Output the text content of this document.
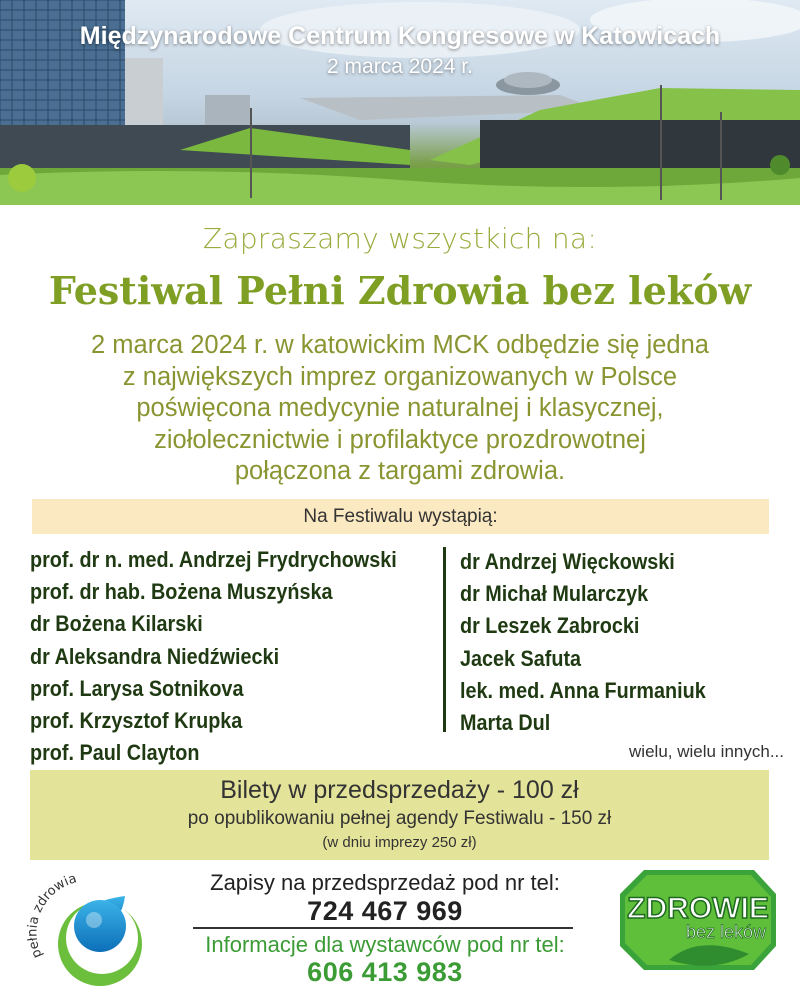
Międzynarodowe Centrum Kongresowe w Katowicach
2 marca 2024 r.
Zapraszamy wszystkich na:
Festiwal Pełni Zdrowia bez leków
2 marca 2024 r. w katowickim MCK odbędzie się jedna
z największych imprez organizowanych w Polsce
poświęcona medycynie naturalnej i klasycznej,
ziołolecznictwie i profilaktyce prozdrowotnej
połączona z targami zdrowia.
Na Festiwalu wystąpią:
prof. dr n. med. Andrzej Frydrychowski
prof. dr hab. Bożena Muszyńska
dr Bożena Kilarski
dr Aleksandra Niedźwiecki
prof. Larysa Sotnikova
prof. Krzysztof Krupka
prof. Paul Clayton
dr Andrzej Więckowski
dr Michał Mularczyk
dr Leszek Zabrocki
Jacek Safuta
lek. med. Anna Furmaniuk
Marta Dul
wielu, wielu innych...
Bilety w przedsprzedaży - 100 zł
po opublikowaniu pełnej agendy Festiwalu - 150 zł
(w dniu imprezy 250 zł)
pełnia zdrowia	Zapisy na przedsprzedaż pod nr tel:
724 467 969
Informacje dla wystawców pod nr tel:
606 413 983
ZDROWIE
bez leków
